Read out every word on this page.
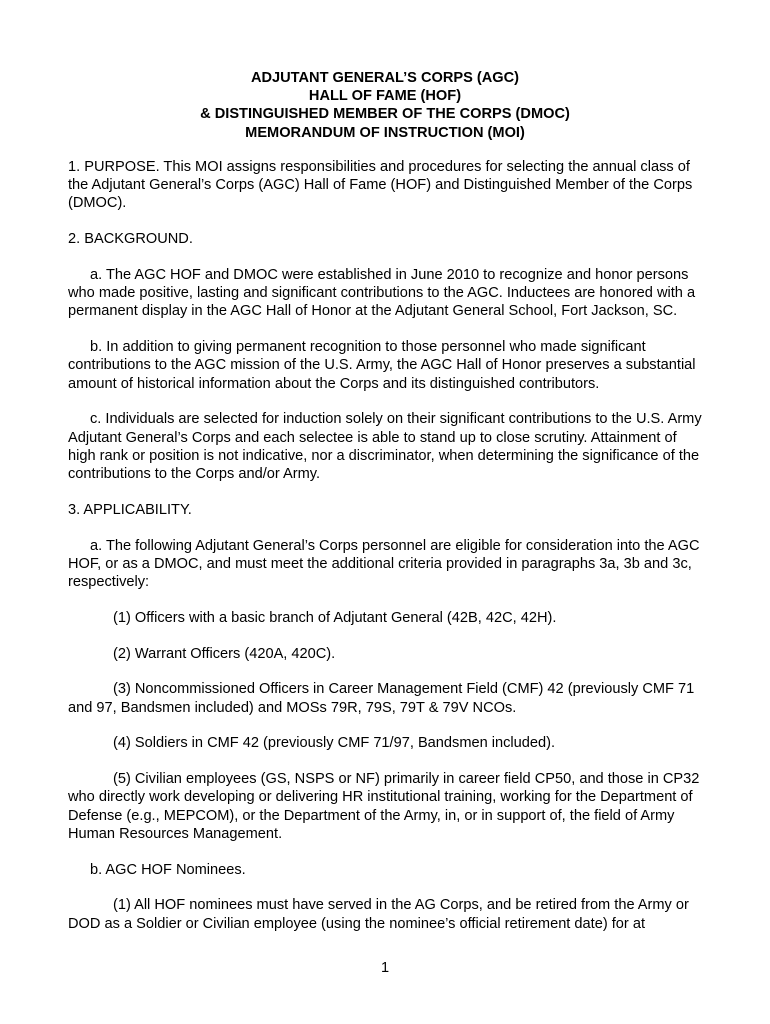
ADJUTANT GENERAL’S CORPS (AGC)
HALL OF FAME (HOF)
& DISTINGUISHED MEMBER OF THE CORPS (DMOC)
MEMORANDUM OF INSTRUCTION (MOI)

1. PURPOSE. This MOI assigns responsibilities and procedures for selecting the annual class of the Adjutant General’s Corps (AGC) Hall of Fame (HOF) and Distinguished Member of the Corps (DMOC).

2. BACKGROUND.

a. The AGC HOF and DMOC were established in June 2010 to recognize and honor persons who made positive, lasting and significant contributions to the AGC. Inductees are honored with a permanent display in the AGC Hall of Honor at the Adjutant General School, Fort Jackson, SC.

b. In addition to giving permanent recognition to those personnel who made significant contributions to the AGC mission of the U.S. Army, the AGC Hall of Honor preserves a substantial amount of historical information about the Corps and its distinguished contributors.

c. Individuals are selected for induction solely on their significant contributions to the U.S. Army Adjutant General’s Corps and each selectee is able to stand up to close scrutiny. Attainment of high rank or position is not indicative, nor a discriminator, when determining the significance of the contributions to the Corps and/or Army.

3. APPLICABILITY.

a. The following Adjutant General’s Corps personnel are eligible for consideration into the AGC HOF, or as a DMOC, and must meet the additional criteria provided in paragraphs 3a, 3b and 3c, respectively:

(1) Officers with a basic branch of Adjutant General (42B, 42C, 42H).

(2) Warrant Officers (420A, 420C).

(3) Noncommissioned Officers in Career Management Field (CMF) 42 (previously CMF 71 and 97, Bandsmen included) and MOSs 79R, 79S, 79T & 79V NCOs.

(4) Soldiers in CMF 42 (previously CMF 71/97, Bandsmen included).

(5) Civilian employees (GS, NSPS or NF) primarily in career field CP50, and those in CP32 who directly work developing or delivering HR institutional training, working for the Department of Defense (e.g., MEPCOM), or the Department of the Army, in, or in support of, the field of Army Human Resources Management.

b. AGC HOF Nominees.

(1) All HOF nominees must have served in the AG Corps, and be retired from the Army or DOD as a Soldier or Civilian employee (using the nominee’s official retirement date) for at

1
